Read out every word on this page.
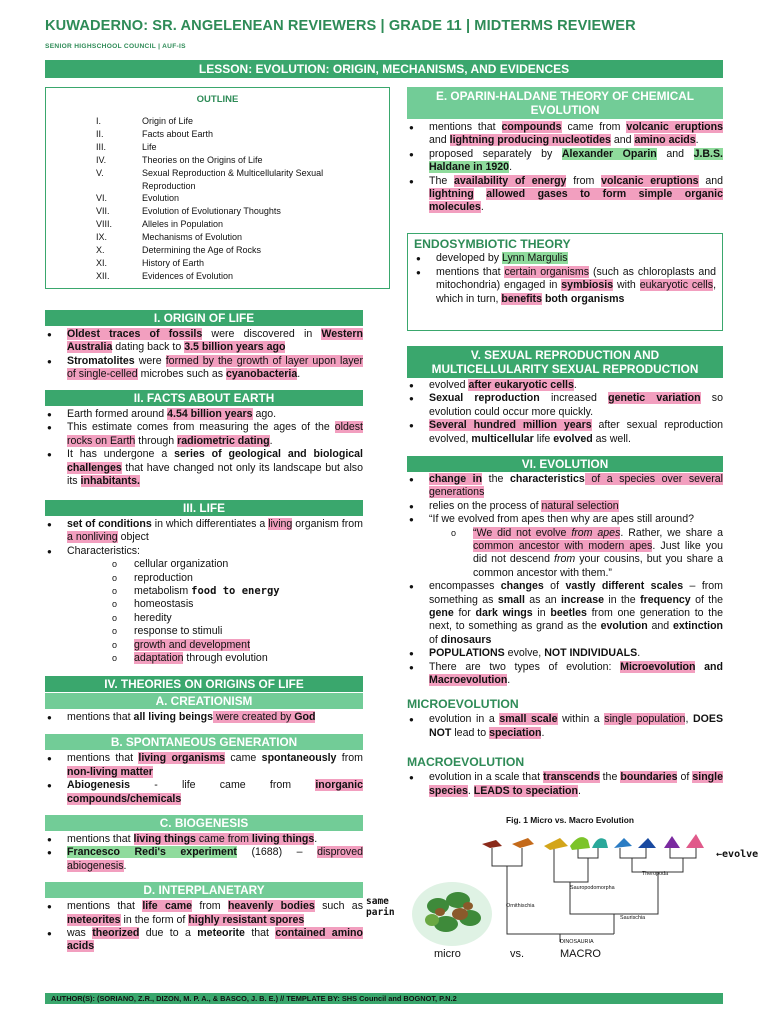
KUWADERNO: SR. ANGELENEAN REVIEWERS | GRADE 11 | MIDTERMS REVIEWER
SENIOR HIGHSCHOOL COUNCIL | AUF-IS
LESSON: EVOLUTION: ORIGIN, MECHANISMS, AND EVIDENCES
OUTLINE
I.	Origin of Life
II.	Facts about Earth
III.	Life
IV.	Theories on the Origins of Life
V.	Sexual Reproduction & Multicellularity Sexual Reproduction
VI.	Evolution
VII.	Evolution of Evolutionary Thoughts
VIII.	Alleles in Population
IX.	Mechanisms of Evolution
X.	Determining the Age of Rocks
XI.	History of Earth
XII.	Evidences of Evolution
I. ORIGIN OF LIFE
● Oldest traces of fossils were discovered in Western Australia dating back to 3.5 billion years ago
● Stromatolites were formed by the growth of layer upon layer of single-celled microbes such as cyanobacteria.
II. FACTS ABOUT EARTH
● Earth formed around 4.54 billion years ago.
● This estimate comes from measuring the ages of the oldest rocks on Earth through radiometric dating.
● It has undergone a series of geological and biological challenges that have changed not only its landscape but also its inhabitants.
III. LIFE
● set of conditions in which differentiates a living organism from a nonliving object
● Characteristics:
o cellular organization
o reproduction
o metabolism food to energy
o homeostasis
o heredity
o response to stimuli
o growth and development
o adaptation through evolution
IV. THEORIES ON ORIGINS OF LIFE
A. CREATIONISM
● mentions that all living beings were created by God
B. SPONTANEOUS GENERATION
● mentions that living organisms came spontaneously from non-living matter
● Abiogenesis - life came from inorganic compounds/chemicals
C. BIOGENESIS
● mentions that living things came from living things.
● Francesco Redi's experiment (1688) – disproved abiogenesis.
D. INTERPLANETARY
● mentions that life came from heavenly bodies such as meteorites in the form of highly resistant spores
● was theorized due to a meteorite that contained amino acids
same
parin
E. OPARIN-HALDANE THEORY OF CHEMICAL EVOLUTION
● mentions that compounds came from volcanic eruptions and lightning producing nucleotides and amino acids.
● proposed separately by Alexander Oparin and J.B.S. Haldane in 1920.
● The availability of energy from volcanic eruptions and lightning allowed gases to form simple organic molecules.
ENDOSYMBIOTIC THEORY
● developed by Lynn Margulis
● mentions that certain organisms (such as chloroplasts and mitochondria) engaged in symbiosis with eukaryotic cells, which in turn, benefits both organisms
V. SEXUAL REPRODUCTION AND MULTICELLULARITY SEXUAL REPRODUCTION
● evolved after eukaryotic cells.
● Sexual reproduction increased genetic variation so evolution could occur more quickly.
● Several hundred million years after sexual reproduction evolved, multicellular life evolved as well.
VI. EVOLUTION
● change in the characteristics of a species over several generations
● relies on the process of natural selection
● “If we evolved from apes then why are apes still around?
o “We did not evolve from apes. Rather, we share a common ancestor with modern apes. Just like you did not descend from your cousins, but you share a common ancestor with them.”
● encompasses changes of vastly different scales – from something as small as an increase in the frequency of the gene for dark wings in beetles from one generation to the next, to something as grand as the evolution and extinction of dinosaurs
● POPULATIONS evolve, NOT INDIVIDUALS.
● There are two types of evolution: Microevolution and Macroevolution.
MICROEVOLUTION
● evolution in a small scale within a single population, DOES NOT lead to speciation.
MACROEVOLUTION
● evolution in a scale that transcends the boundaries of single species. LEADS to speciation.
Fig. 1 Micro vs. Macro Evolution
Theropoda
Sauropodomorpha
Ornithischia
Saurischia
DINOSAURIA
micro	vs.	MACRO
←evolve
AUTHOR(S): (SORIANO, Z.R., DIZON, M. P. A., & BASCO, J. B. E.) // TEMPLATE BY: SHS Council and BOGNOT, P.N.2
